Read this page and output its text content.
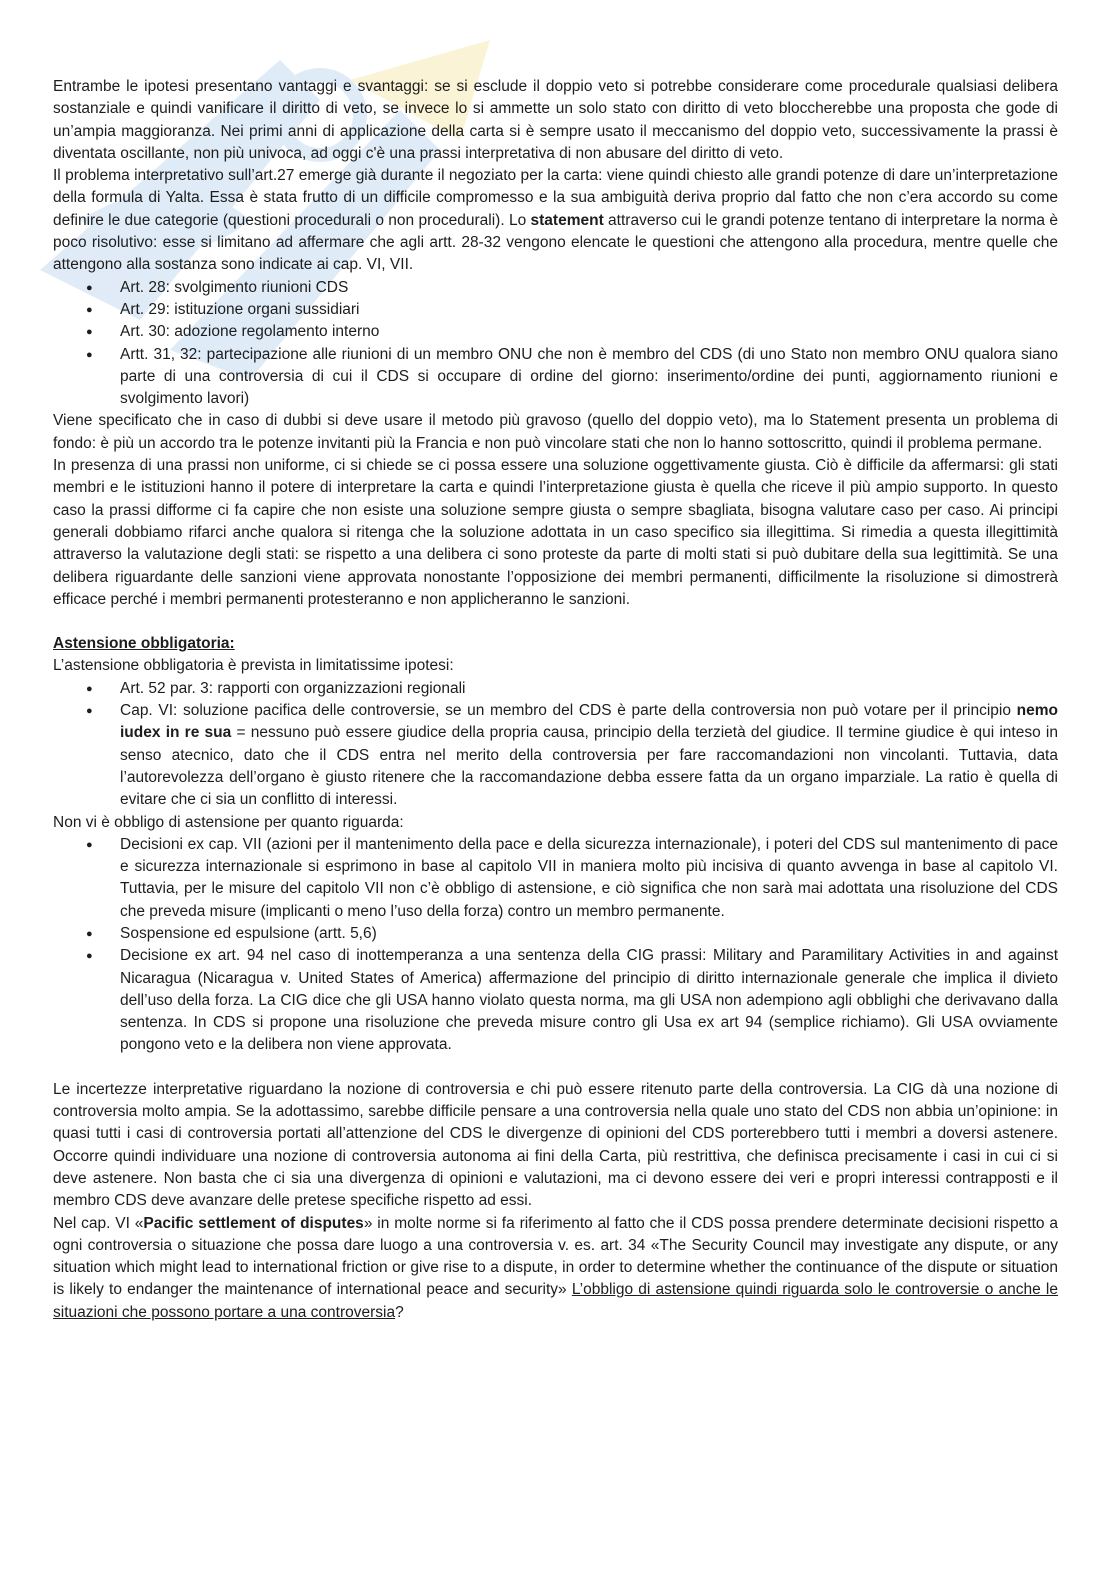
Entrambe le ipotesi presentano vantaggi e svantaggi: se si esclude il doppio veto si potrebbe considerare come procedurale qualsiasi delibera sostanziale e quindi vanificare il diritto di veto, se invece lo si ammette un solo stato con diritto di veto bloccherebbe una proposta che gode di un’ampia maggioranza. Nei primi anni di applicazione della carta si è sempre usato il meccanismo del doppio veto, successivamente la prassi è diventata oscillante, non più univoca, ad oggi c'è una prassi interpretativa di non abusare del diritto di veto.

Il problema interpretativo sull’art.27 emerge già durante il negoziato per la carta: viene quindi chiesto alle grandi potenze di dare un’interpretazione della formula di Yalta. Essa è stata frutto di un difficile compromesso e la sua ambiguità deriva proprio dal fatto che non c’era accordo su come definire le due categorie (questioni procedurali o non procedurali). Lo statement attraverso cui le grandi potenze tentano di interpretare la norma è poco risolutivo: esse si limitano ad affermare che agli artt. 28-32 vengono elencate le questioni che attengono alla procedura, mentre quelle che attengono alla sostanza sono indicate ai cap. VI, VII.

● Art. 28: svolgimento riunioni CDS
● Art. 29: istituzione organi sussidiari
● Art. 30: adozione regolamento interno
● Artt. 31, 32: partecipazione alle riunioni di un membro ONU che non è membro del CDS (di uno Stato non membro ONU qualora siano parte di una controversia di cui il CDS si occupare di ordine del giorno: inserimento/ordine dei punti, aggiornamento riunioni e svolgimento lavori)

Viene specificato che in caso di dubbi si deve usare il metodo più gravoso (quello del doppio veto), ma lo Statement presenta un problema di fondo: è più un accordo tra le potenze invitanti più la Francia e non può vincolare stati che non lo hanno sottoscritto, quindi il problema permane.

In presenza di una prassi non uniforme, ci si chiede se ci possa essere una soluzione oggettivamente giusta. Ciò è difficile da affermarsi: gli stati membri e le istituzioni hanno il potere di interpretare la carta e quindi l’interpretazione giusta è quella che riceve il più ampio supporto. In questo caso la prassi difforme ci fa capire che non esiste una soluzione sempre giusta o sempre sbagliata, bisogna valutare caso per caso. Ai principi generali dobbiamo rifarci anche qualora si ritenga che la soluzione adottata in un caso specifico sia illegittima. Si rimedia a questa illegittimità attraverso la valutazione degli stati: se rispetto a una delibera ci sono proteste da parte di molti stati si può dubitare della sua legittimità. Se una delibera riguardante delle sanzioni viene approvata nonostante l’opposizione dei membri permanenti, difficilmente la risoluzione si dimostrerà efficace perché i membri permanenti protesteranno e non applicheranno le sanzioni.

Astensione obbligatoria:

L’astensione obbligatoria è prevista in limitatissime ipotesi:

● Art. 52 par. 3: rapporti con organizzazioni regionali
● Cap. VI: soluzione pacifica delle controversie, se un membro del CDS è parte della controversia non può votare per il principio nemo iudex in re sua = nessuno può essere giudice della propria causa, principio della terzietà del giudice. Il termine giudice è qui inteso in senso atecnico, dato che il CDS entra nel merito della controversia per fare raccomandazioni non vincolanti. Tuttavia, data l’autorevolezza dell’organo è giusto ritenere che la raccomandazione debba essere fatta da un organo imparziale. La ratio è quella di evitare che ci sia un conflitto di interessi.

Non vi è obbligo di astensione per quanto riguarda:

● Decisioni ex cap. VII (azioni per il mantenimento della pace e della sicurezza internazionale), i poteri del CDS sul mantenimento di pace e sicurezza internazionale si esprimono in base al capitolo VII in maniera molto più incisiva di quanto avvenga in base al capitolo VI. Tuttavia, per le misure del capitolo VII non c’è obbligo di astensione, e ciò significa che non sarà mai adottata una risoluzione del CDS che preveda misure (implicanti o meno l’uso della forza) contro un membro permanente.
● Sospensione ed espulsione (artt. 5,6)
● Decisione ex art. 94 nel caso di inottemperanza a una sentenza della CIG prassi: Military and Paramilitary Activities in and against Nicaragua (Nicaragua v. United States of America) affermazione del principio di diritto internazionale generale che implica il divieto dell’uso della forza. La CIG dice che gli USA hanno violato questa norma, ma gli USA non adempiono agli obblighi che derivavano dalla sentenza. In CDS si propone una risoluzione che preveda misure contro gli Usa ex art 94 (semplice richiamo). Gli USA ovviamente pongono veto e la delibera non viene approvata.

Le incertezze interpretative riguardano la nozione di controversia e chi può essere ritenuto parte della controversia. La CIG dà una nozione di controversia molto ampia. Se la adottassimo, sarebbe difficile pensare a una controversia nella quale uno stato del CDS non abbia un’opinione: in quasi tutti i casi di controversia portati all’attenzione del CDS le divergenze di opinioni del CDS porterebbero tutti i membri a doversi astenere. Occorre quindi individuare una nozione di controversia autonoma ai fini della Carta, più restrittiva, che definisca precisamente i casi in cui ci si deve astenere. Non basta che ci sia una divergenza di opinioni e valutazioni, ma ci devono essere dei veri e propri interessi contrapposti e il membro CDS deve avanzare delle pretese specifiche rispetto ad essi.

Nel cap. VI «Pacific settlement of disputes» in molte norme si fa riferimento al fatto che il CDS possa prendere determinate decisioni rispetto a ogni controversia o situazione che possa dare luogo a una controversia v. es. art. 34 «The Security Council may investigate any dispute, or any situation which might lead to international friction or give rise to a dispute, in order to determine whether the continuance of the dispute or situation is likely to endanger the maintenance of international peace and security» L’obbligo di astensione quindi riguarda solo le controversie o anche le situazioni che possono portare a una controversia?
